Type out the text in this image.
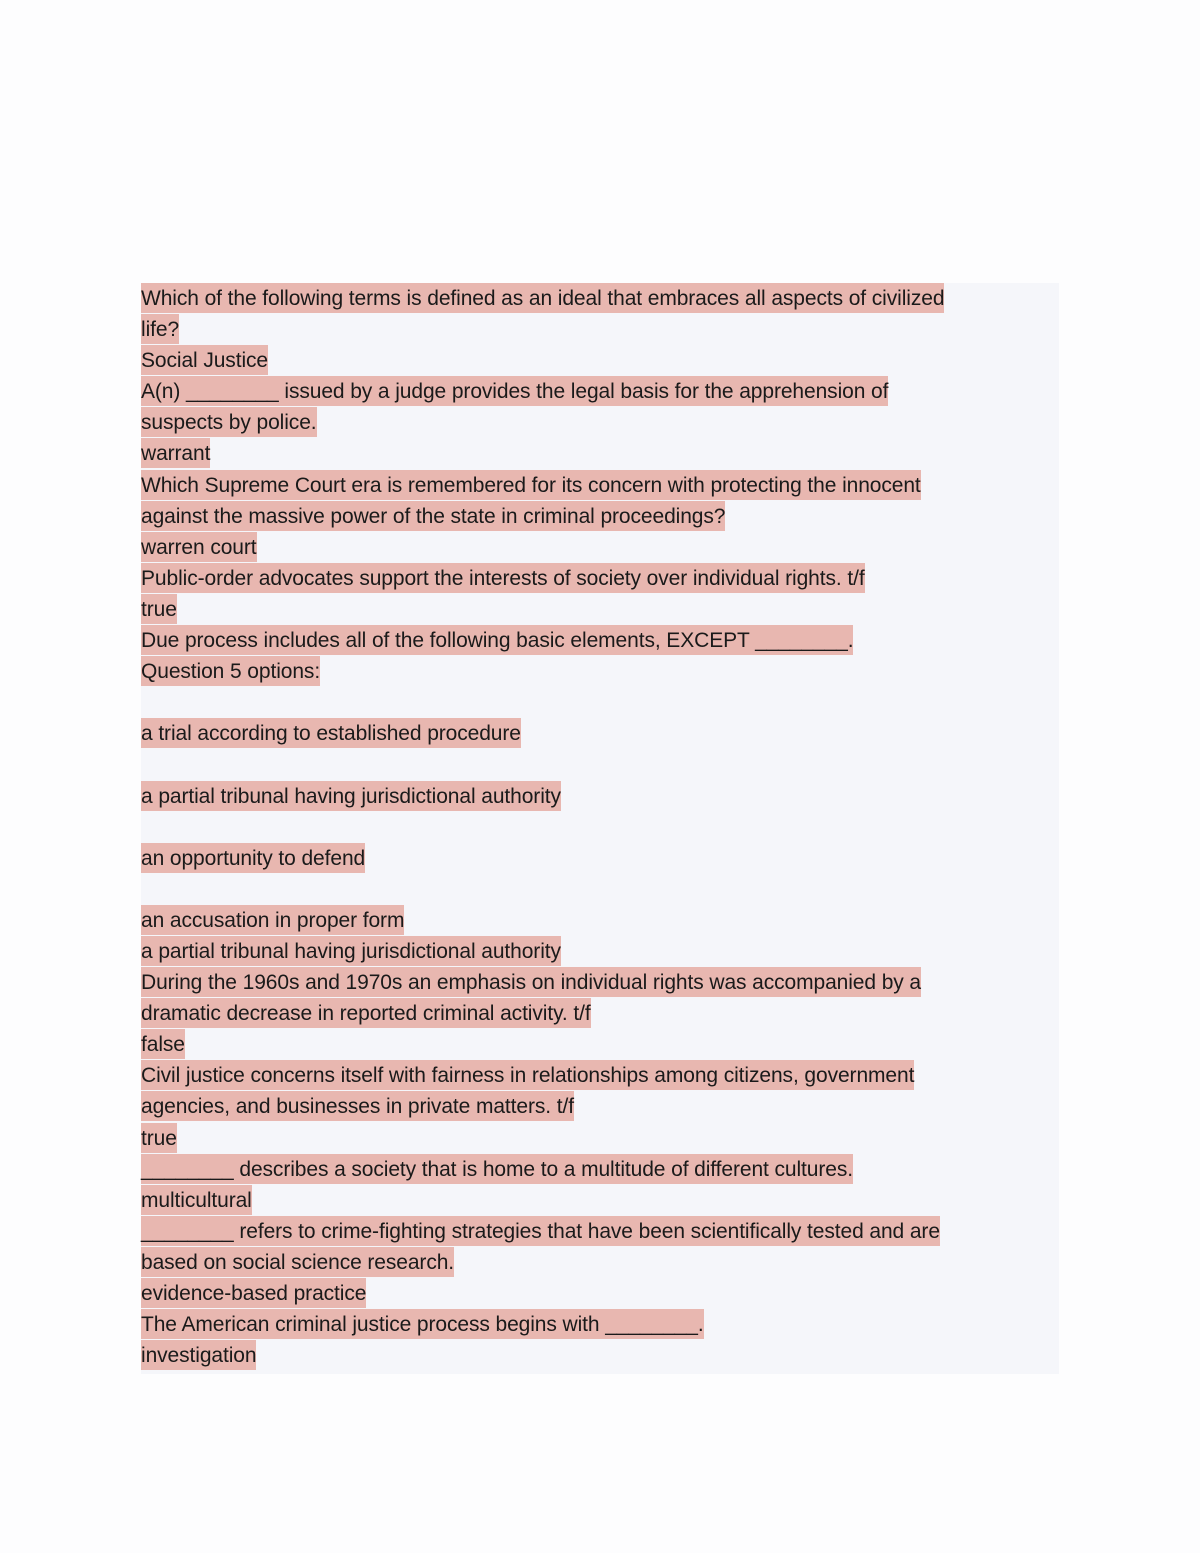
Which of the following terms is defined as an ideal that embraces all aspects of civilized
life?
Social Justice
A(n) ________ issued by a judge provides the legal basis for the apprehension of
suspects by police.
warrant
Which Supreme Court era is remembered for its concern with protecting the innocent
against the massive power of the state in criminal proceedings?
warren court
Public-order advocates support the interests of society over individual rights. t/f
true
Due process includes all of the following basic elements, EXCEPT ________.
Question 5 options:
a trial according to established procedure
a partial tribunal having jurisdictional authority
an opportunity to defend
an accusation in proper form
a partial tribunal having jurisdictional authority
During the 1960s and 1970s an emphasis on individual rights was accompanied by a
dramatic decrease in reported criminal activity. t/f
false
Civil justice concerns itself with fairness in relationships among citizens, government
agencies, and businesses in private matters. t/f
true
________ describes a society that is home to a multitude of different cultures.
multicultural
________ refers to crime-fighting strategies that have been scientifically tested and are
based on social science research.
evidence-based practice
The American criminal justice process begins with ________.
investigation
